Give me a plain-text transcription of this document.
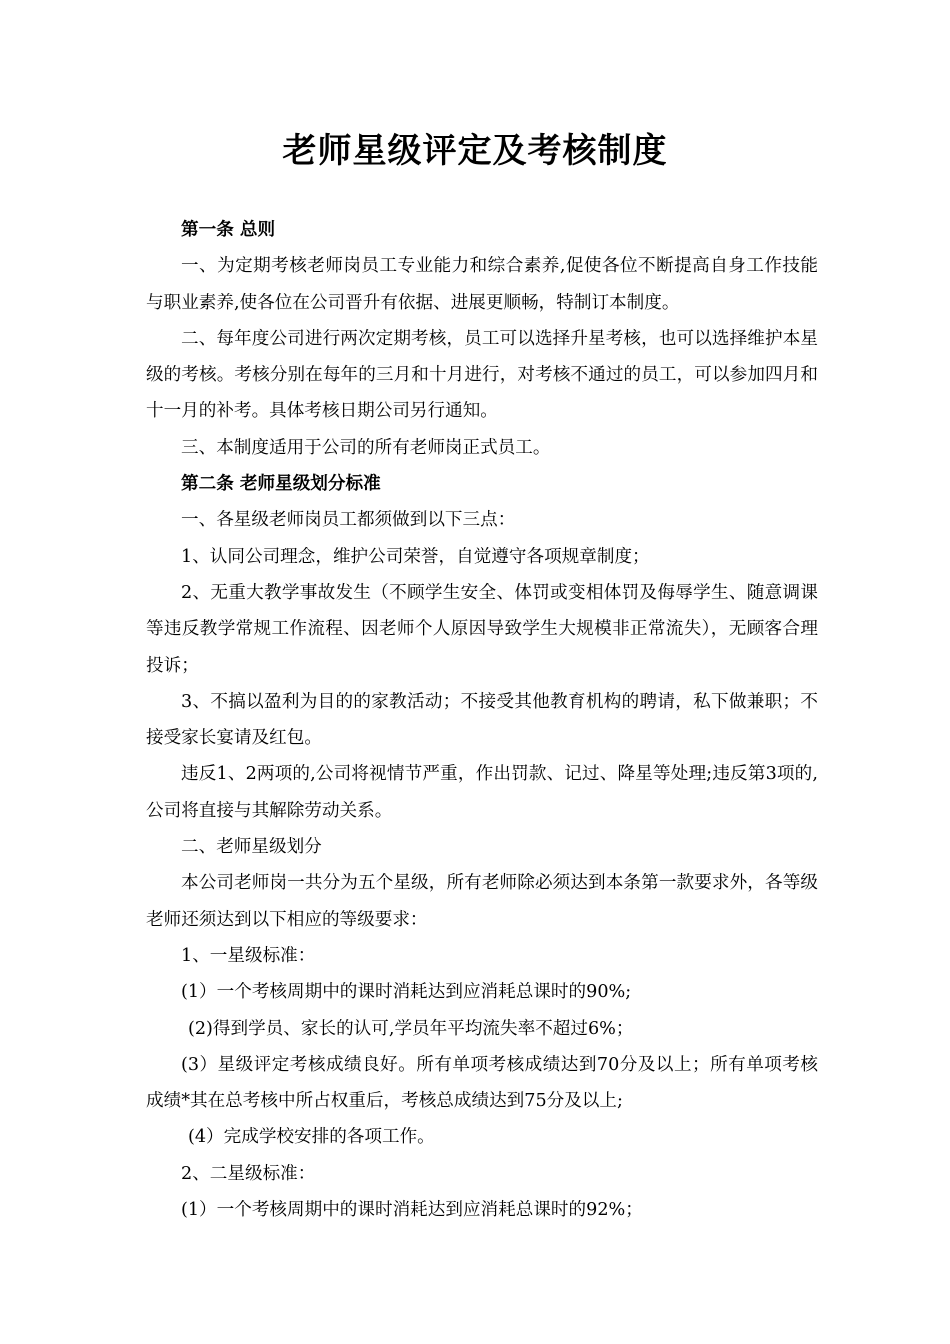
老师星级评定及考核制度

第一条 总则

一、为定期考核老师岗员工专业能力和综合素养,促使各位不断提高自身工作技能与职业素养,使各位在公司晋升有依据、进展更顺畅，特制订本制度。

二、每年度公司进行两次定期考核，员工可以选择升星考核，也可以选择维护本星级的考核。考核分别在每年的三月和十月进行，对考核不通过的员工，可以参加四月和十一月的补考。具体考核日期公司另行通知。

三、本制度适用于公司的所有老师岗正式员工。

第二条 老师星级划分标准

一、各星级老师岗员工都须做到以下三点：

1、认同公司理念，维护公司荣誉，自觉遵守各项规章制度；

2、无重大教学事故发生（不顾学生安全、体罚或变相体罚及侮辱学生、随意调课等违反教学常规工作流程、因老师个人原因导致学生大规模非正常流失），无顾客合理投诉；

3、不搞以盈利为目的的家教活动；不接受其他教育机构的聘请，私下做兼职；不接受家长宴请及红包。

违反1、2两项的,公司将视情节严重，作出罚款、记过、降星等处理;违反第3项的,公司将直接与其解除劳动关系。

二、老师星级划分

本公司老师岗一共分为五个星级，所有老师除必须达到本条第一款要求外，各等级老师还须达到以下相应的等级要求：

1、一星级标准：

(1）一个考核周期中的课时消耗达到应消耗总课时的90%;

(2)得到学员、家长的认可,学员年平均流失率不超过6%；

(3）星级评定考核成绩良好。所有单项考核成绩达到70分及以上；所有单项考核成绩*其在总考核中所占权重后，考核总成绩达到75分及以上;

(4）完成学校安排的各项工作。

2、二星级标准：

(1）一个考核周期中的课时消耗达到应消耗总课时的92%；
